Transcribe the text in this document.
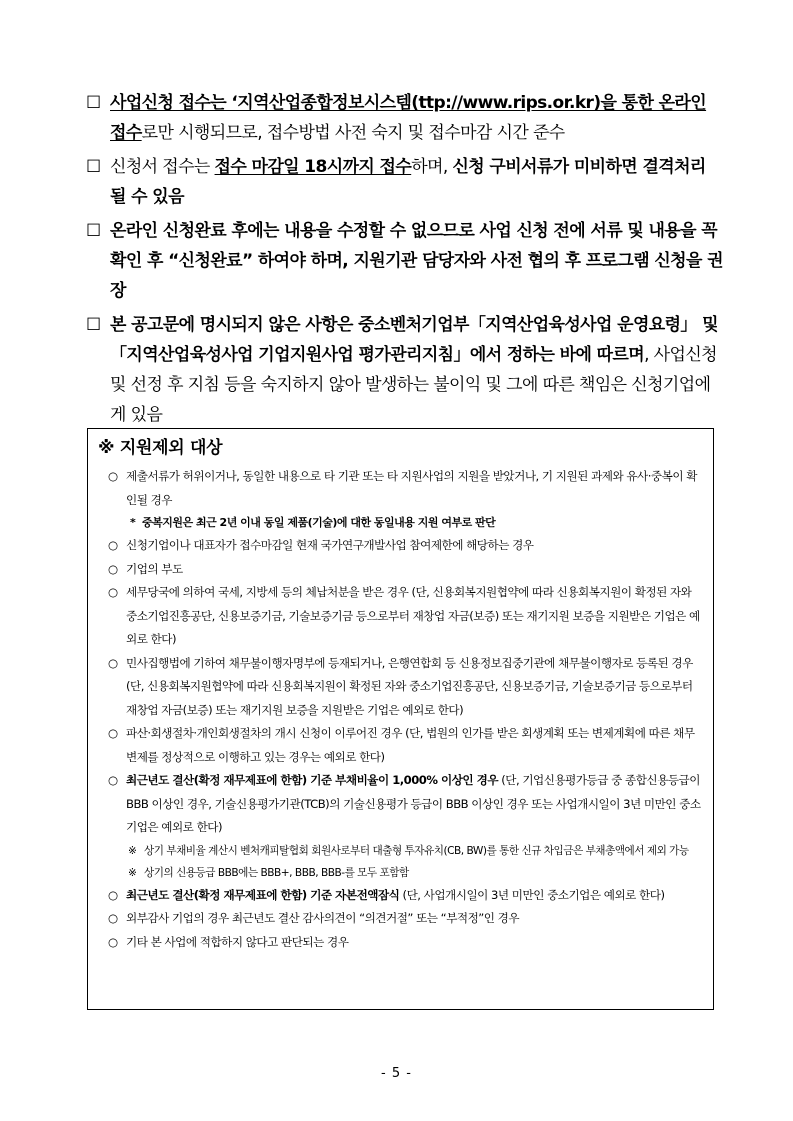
☐ 사업신청 접수는 ‘지역산업종합정보시스템(ttp://www.rips.or.kr)을 통한 온라인 접수로만 시행되므로, 접수방법 사전 숙지 및 접수마감 시간 준수
☐ 신청서 접수는 접수 마감일 18시까지 접수하며, 신청 구비서류가 미비하면 결격처리 될 수 있음
☐ 온라인 신청완료 후에는 내용을 수정할 수 없으므로 사업 신청 전에 서류 및 내용을 꼭 확인 후 “신청완료” 하여야 하며, 지원기관 담당자와 사전 협의 후 프로그램 신청을 권장
☐ 본 공고문에 명시되지 않은 사항은 중소벤처기업부「지역산업육성사업 운영요령」 및「지역산업육성사업 기업지원사업 평가관리지침」에서 정하는 바에 따르며, 사업신청 및 선정 후 지침 등을 숙지하지 않아 발생하는 불이익 및 그에 따른 책임은 신청기업에게 있음
※ 지원제외 대상
○ 제출서류가 허위이거나, 동일한 내용으로 타 기관 또는 타 지원사업의 지원을 받았거나, 기 지원된 과제와 유사·중복이 확인될 경우
* 중복지원은 최근 2년 이내 동일 제품(기술)에 대한 동일내용 지원 여부로 판단
○ 신청기업이나 대표자가 접수마감일 현재 국가연구개발사업 참여제한에 해당하는 경우
○ 기업의 부도
○ 세무당국에 의하여 국세, 지방세 등의 체납처분을 받은 경우 (단, 신용회복지원협약에 따라 신용회복지원이 확정된 자와 중소기업진흥공단, 신용보증기금, 기술보증기금 등으로부터 재창업 자금(보증) 또는 재기지원 보증을 지원받은 기업은 예외로 한다)
○ 민사집행법에 기하여 채무불이행자명부에 등재되거나, 은행연합회 등 신용정보집중기관에 채무불이행자로 등록된 경우 (단, 신용회복지원협약에 따라 신용회복지원이 확정된 자와 중소기업진흥공단, 신용보증기금, 기술보증기금 등으로부터 재창업 자금(보증) 또는 재기지원 보증을 지원받은 기업은 예외로 한다)
○ 파산·회생절차·개인회생절차의 개시 신청이 이루어진 경우 (단, 법원의 인가를 받은 회생계획 또는 변제계획에 따른 채무변제를 정상적으로 이행하고 있는 경우는 예외로 한다)
○ 최근년도 결산(확정 재무제표에 한함) 기준 부채비율이 1,000% 이상인 경우 (단, 기업신용평가등급 중 종합신용등급이 BBB 이상인 경우, 기술신용평가기관(TCB)의 기술신용평가 등급이 BBB 이상인 경우 또는 사업개시일이 3년 미만인 중소기업은 예외로 한다)
※ 상기 부채비율 계산시 벤처캐피탈협회 회원사로부터 대출형 투자유치(CB, BW)를 통한 신규 차입금은 부채총액에서 제외 가능
※ 상기의 신용등급 BBB에는 BBB+, BBB, BBB-를 모두 포함함
○ 최근년도 결산(확정 재무제표에 한함) 기준 자본전액잠식 (단, 사업개시일이 3년 미만인 중소기업은 예외로 한다)
○ 외부감사 기업의 경우 최근년도 결산 감사의견이 “의견거절” 또는 “부적정”인 경우
○ 기타 본 사업에 적합하지 않다고 판단되는 경우
- 5 -
